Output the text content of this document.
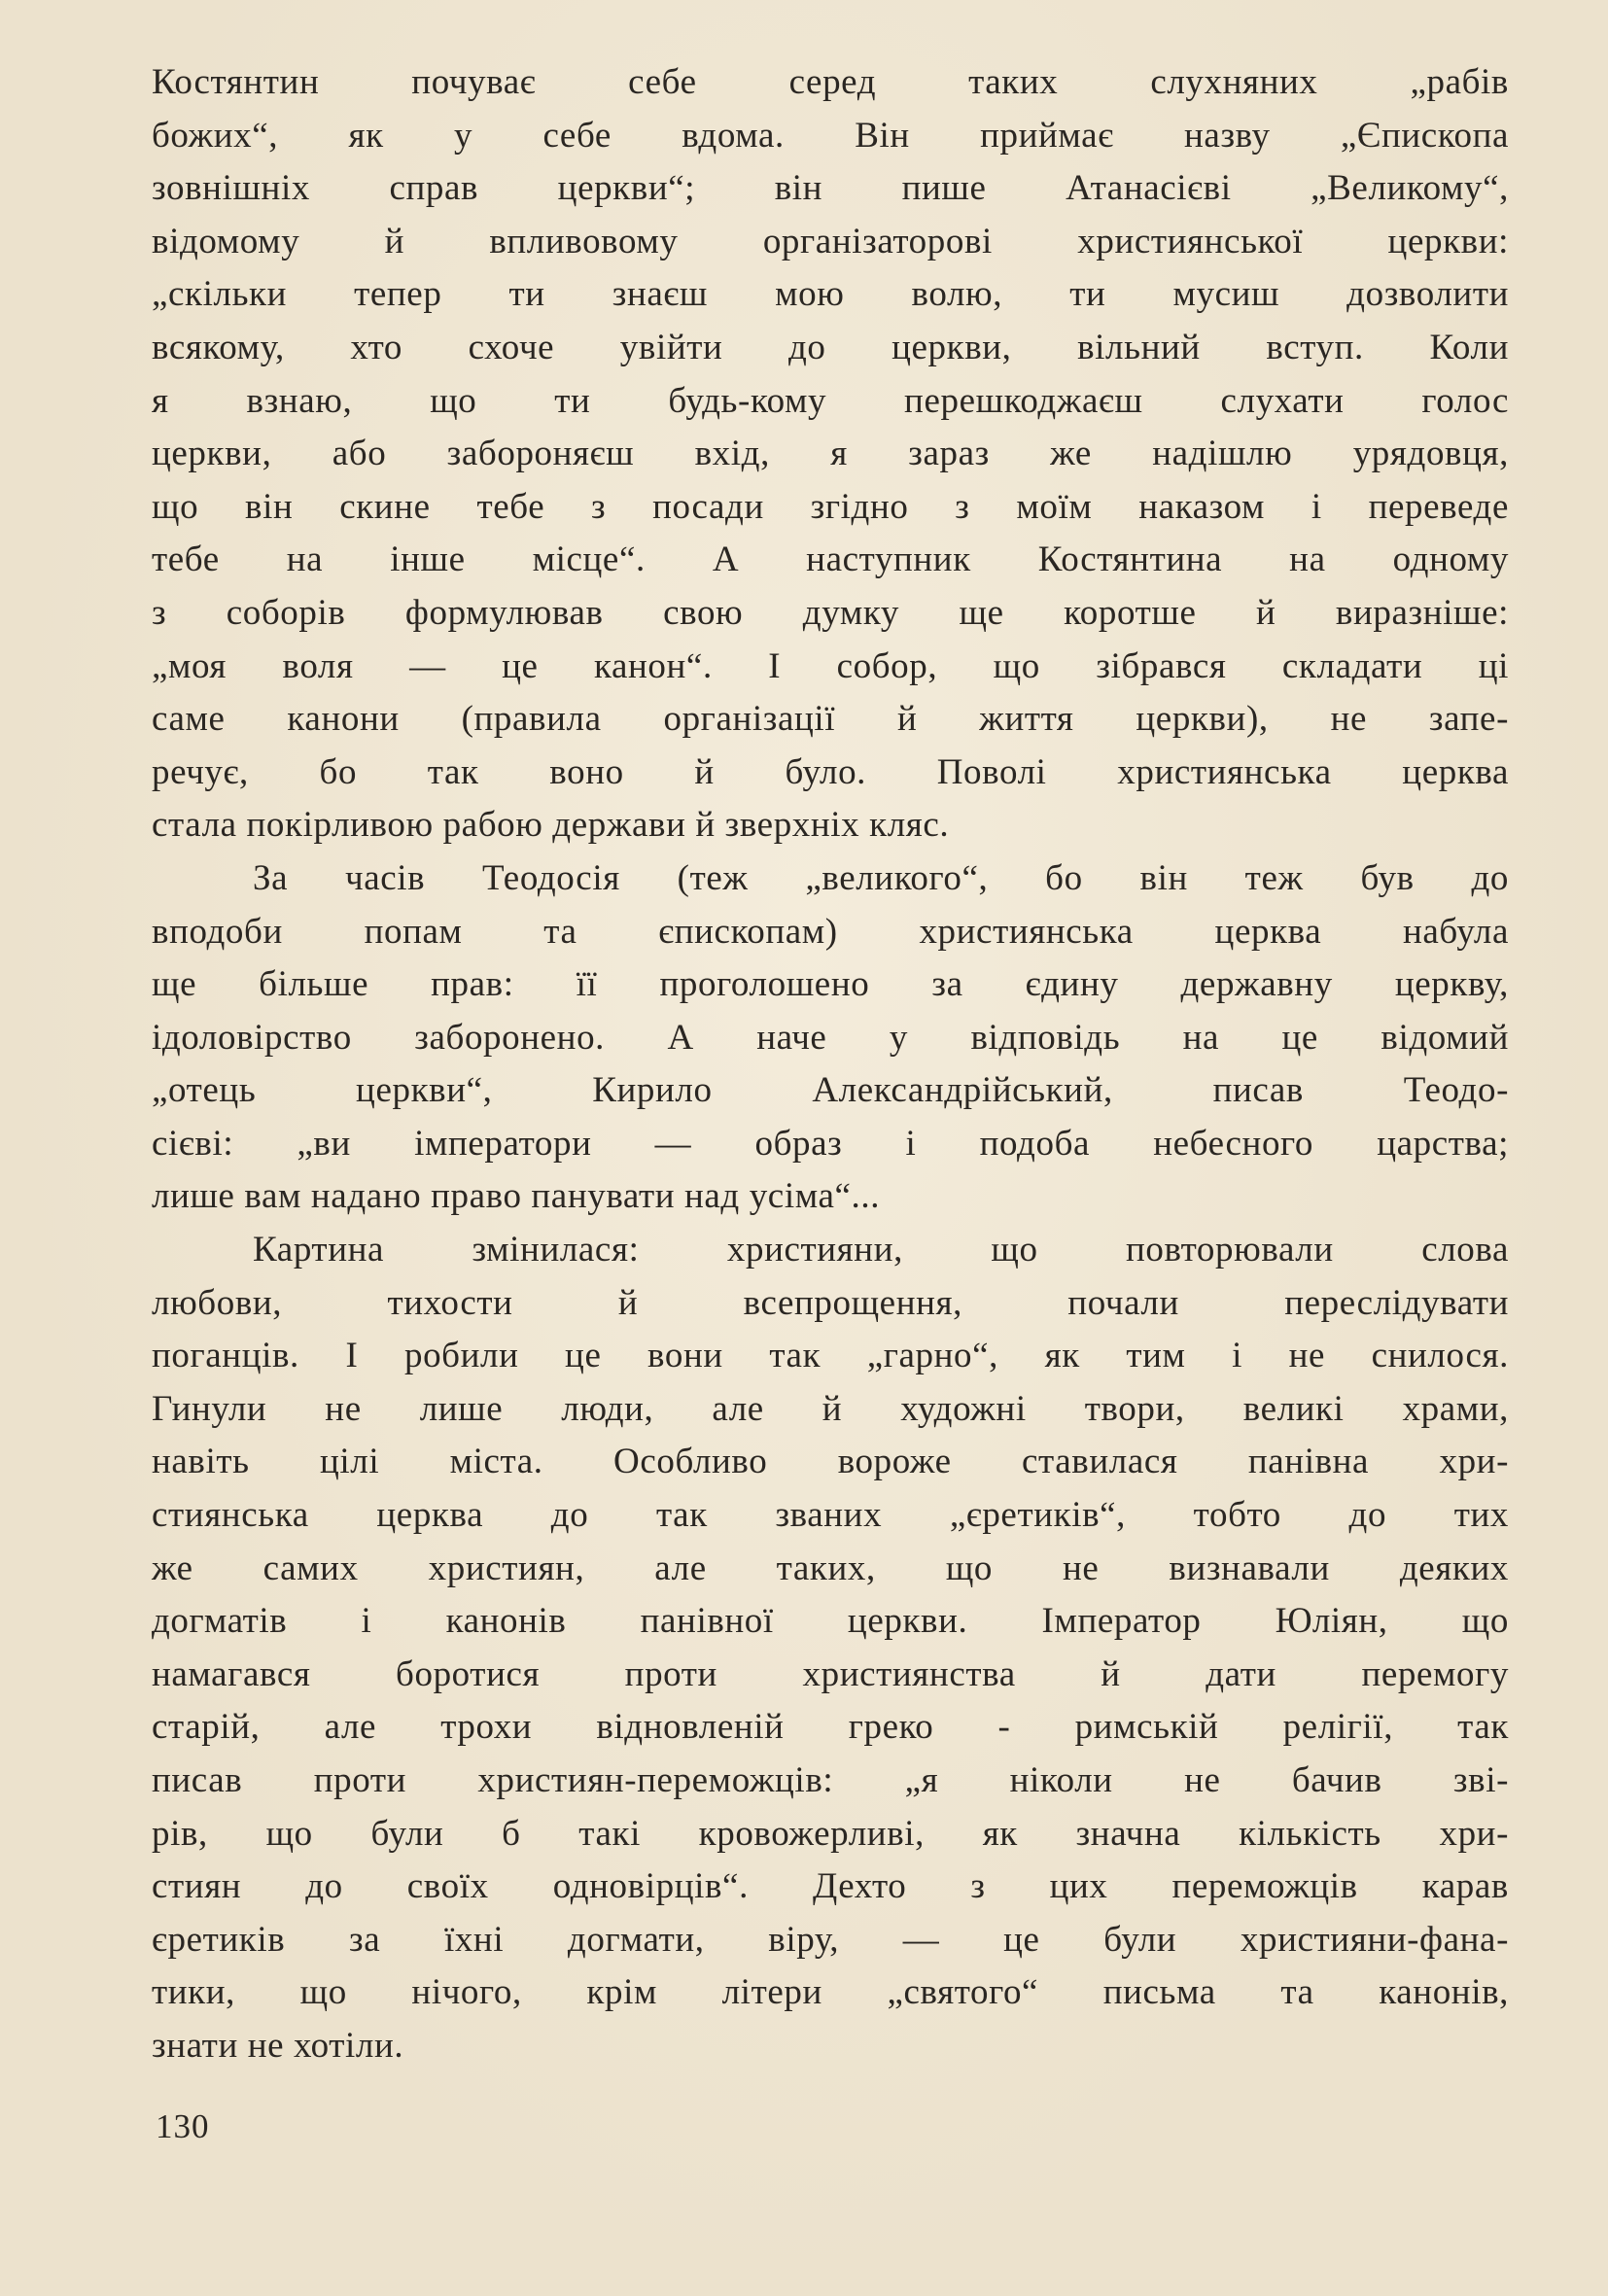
Костянтин почуває себе серед таких слухняних „рабів
божих“, як у себе вдома. Він приймає назву „Єпископа
зовнішніх справ церкви“; він пише Атанасієві „Великому“,
відомому й впливовому організаторові християнської церкви:
„скільки тепер ти знаєш мою волю, ти мусиш дозволити
всякому, хто схоче увійти до церкви, вільний вступ. Коли
я взнаю, що ти будь-кому перешкоджаєш слухати голос
церкви, або забороняєш вхід, я зараз же надішлю урядовця,
що він скине тебе з посади згідно з моїм наказом і переведе
тебе на інше місце“. А наступник Костянтина на одному
з соборів формулював свою думку ще коротше й виразніше:
„моя воля — це канон“. І собор, що зібрався складати ці
саме канони (правила організації й життя церкви), не запе-
речує, бо так воно й було. Поволі християнська церква
стала покірливою рабою держави й зверхніх кляс.
За часів Теодосія (теж „великого“, бо він теж був до
вподоби попам та єпископам) християнська церква набула
ще більше прав: її проголошено за єдину державну церкву,
ідоловірство заборонено. А наче у відповідь на це відомий
„отець церкви“, Кирило Александрійський, писав Теодо-
сієві: „ви імператори — образ і подоба небесного царства;
лише вам надано право панувати над усіма“...
Картина змінилася: християни, що повторювали слова
любови, тихости й всепрощення, почали переслідувати
поганців. І робили це вони так „гарно“, як тим і не снилося.
Гинули не лише люди, але й художні твори, великі храми,
навіть цілі міста. Особливо вороже ставилася панівна хри-
стиянська церква до так званих „єретиків“, тобто до тих
же самих християн, але таких, що не визнавали деяких
догматів і канонів панівної церкви. Імператор Юліян, що
намагався боротися проти християнства й дати перемогу
старій, але трохи відновленій греко - римській релігії, так
писав проти християн-переможців: „я ніколи не бачив зві-
рів, що були б такі кровожерливі, як значна кількість хри-
стиян до своїх одновірців“. Дехто з цих переможців карав
єретиків за їхні догмати, віру, — це були християни-фана-
тики, що нічого, крім літери „святого“ письма та канонів,
знати не хотіли.
130
